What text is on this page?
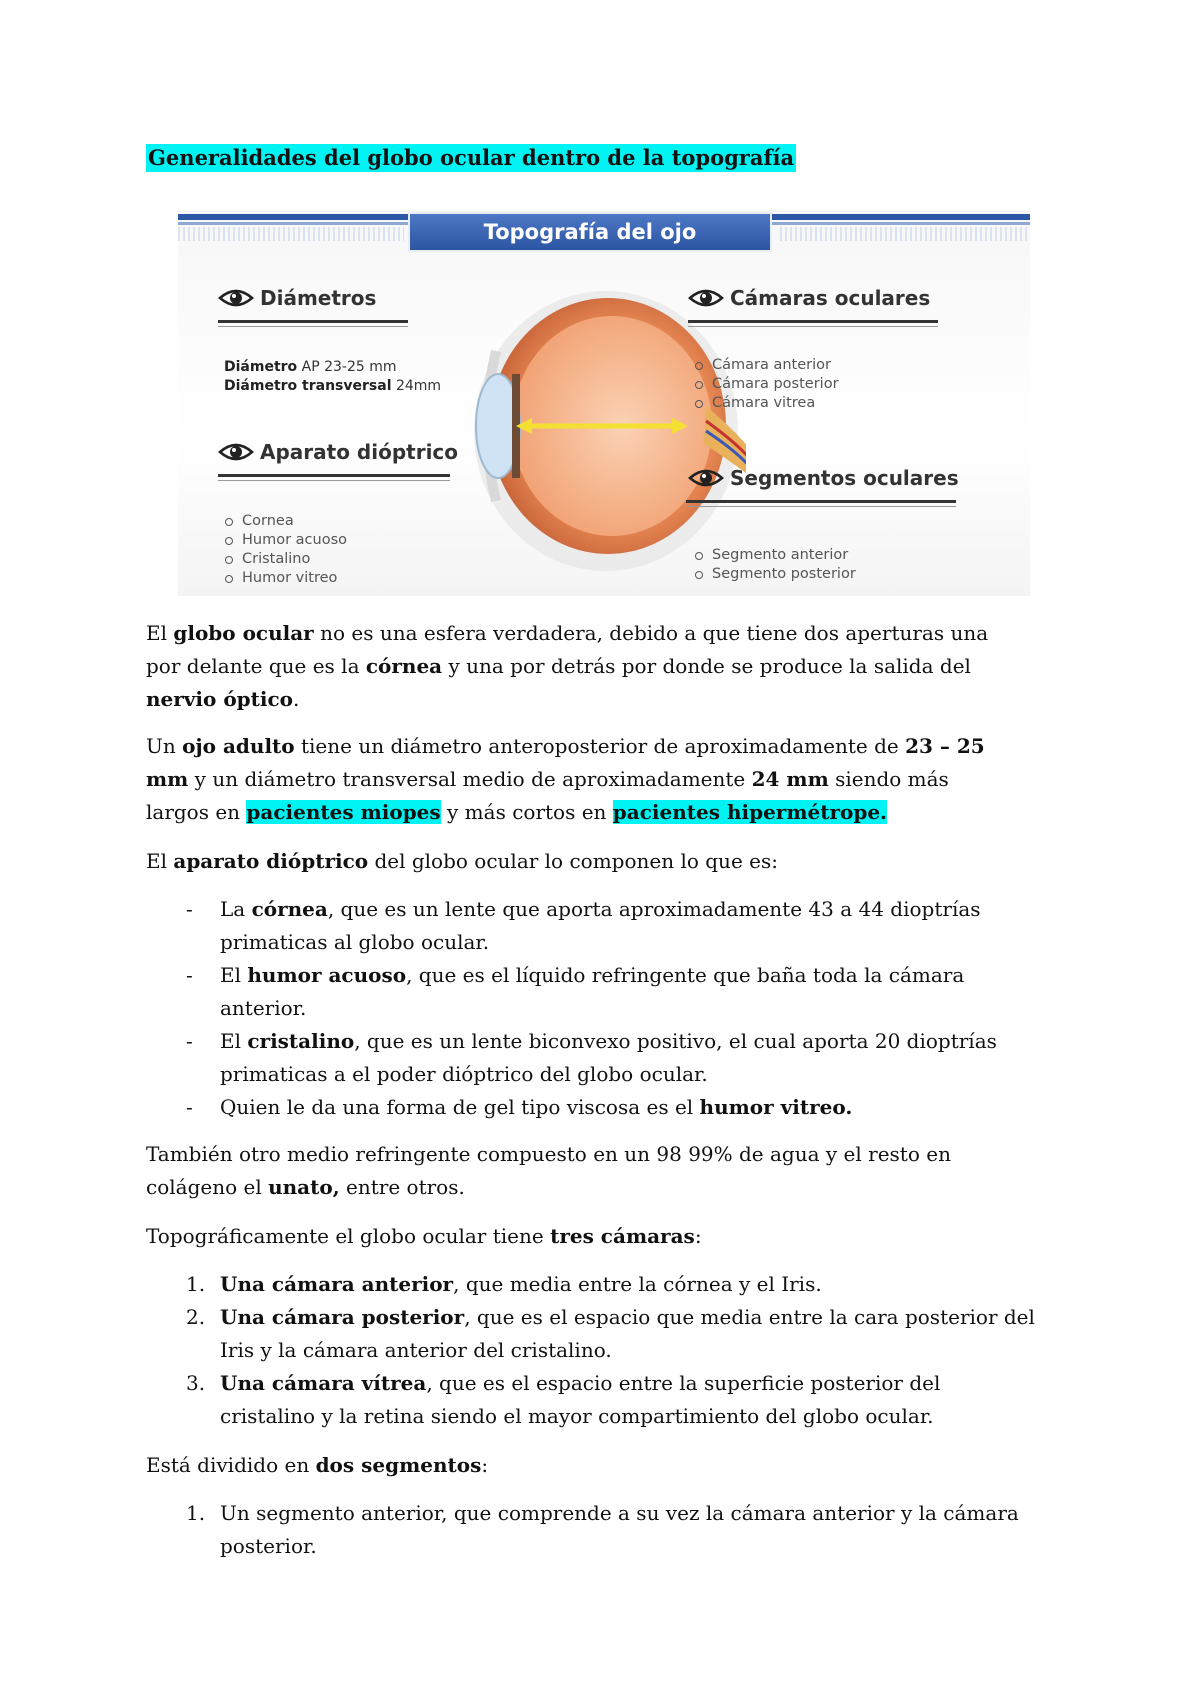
Generalidades del globo ocular dentro de la topografía
Topografía del ojo
Diámetros
Diámetro AP 23-25 mm
Diámetro transversal 24mm
Aparato dióptrico
Cornea
Humor acuoso
Cristalino
Humor vitreo
Cámaras oculares
Cámara anterior
Cámara posterior
Cámara vitrea
Segmentos oculares
Segmento anterior
Segmento posterior

El globo ocular no es una esfera verdadera, debido a que tiene dos aperturas una
por delante que es la córnea y una por detrás por donde se produce la salida del
nervio óptico.

Un ojo adulto tiene un diámetro anteroposterior de aproximadamente de 23 – 25
mm y un diámetro transversal medio de aproximadamente 24 mm siendo más
largos en pacientes miopes y más cortos en pacientes hipermétrope.

El aparato dióptrico del globo ocular lo componen lo que es:

- La córnea, que es un lente que aporta aproximadamente 43 a 44 dioptrías
primaticas al globo ocular.
- El humor acuoso, que es el líquido refringente que baña toda la cámara
anterior.
- El cristalino, que es un lente biconvexo positivo, el cual aporta 20 dioptrías
primaticas a el poder dióptrico del globo ocular.
- Quien le da una forma de gel tipo viscosa es el humor vitreo.

También otro medio refringente compuesto en un 98 99% de agua y el resto en
colágeno el unato, entre otros.

Topográficamente el globo ocular tiene tres cámaras:

1. Una cámara anterior, que media entre la córnea y el Iris.
2. Una cámara posterior, que es el espacio que media entre la cara posterior del
Iris y la cámara anterior del cristalino.
3. Una cámara vítrea, que es el espacio entre la superficie posterior del
cristalino y la retina siendo el mayor compartimiento del globo ocular.

Está dividido en dos segmentos:

1. Un segmento anterior, que comprende a su vez la cámara anterior y la cámara
posterior.
